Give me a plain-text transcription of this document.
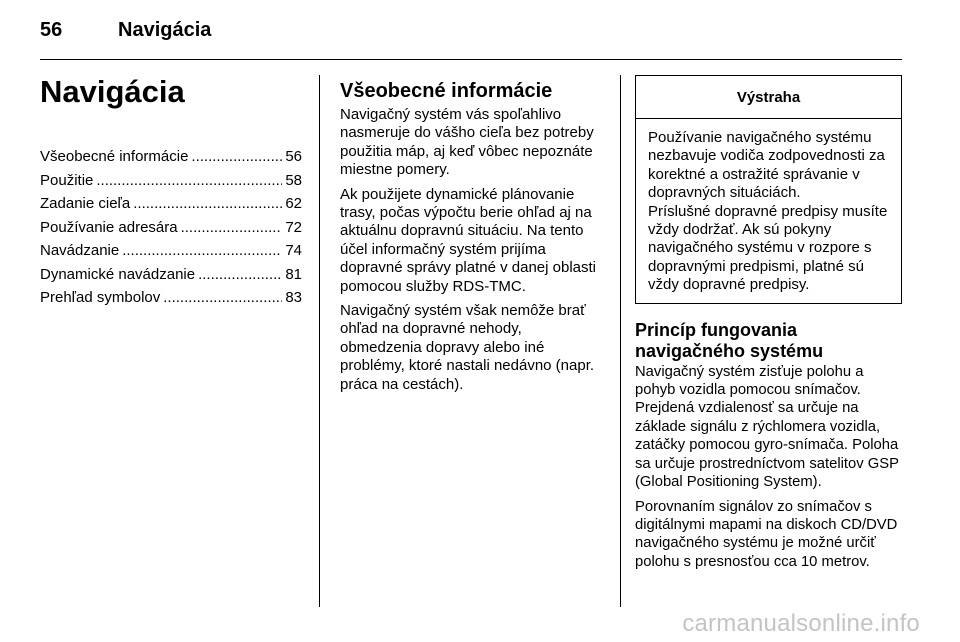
56	Navigácia
Navigácia
Všeobecné informácie .....	56
Použitie .....	58
Zadanie cieľa .....	62
Používanie adresára .....	72
Navádzanie .....	74
Dynamické navádzanie .....	81
Prehľad symbolov .....	83
Všeobecné informácie

Navigačný systém vás spoľahlivo nasmeruje do vášho cieľa bez potreby použitia máp, aj keď vôbec nepoznáte miestne pomery.

Ak použijete dynamické plánovanie trasy, počas výpočtu berie ohľad aj na aktuálnu dopravnú situáciu. Na tento účel informačný systém prijíma dopravné správy platné v danej oblasti pomocou služby RDS-TMC.

Navigačný systém však nemôže brať ohľad na dopravné nehody, obmedzenia dopravy alebo iné problémy, ktoré nastali nedávno (napr. práca na cestách).

Výstraha

Používanie navigačného systému nezbavuje vodiča zodpovednosti za korektné a ostražité správanie v dopravných situáciách.

Príslušné dopravné predpisy musíte vždy dodržať. Ak sú pokyny navigačného systému v rozpore s dopravnými predpismi, platné sú vždy dopravné predpisy.

Princíp fungovania navigačného systému

Navigačný systém zisťuje polohu a pohyb vozidla pomocou snímačov. Prejdená vzdialenosť sa určuje na základe signálu z rýchlomera vozidla, zatáčky pomocou gyro-snímača. Poloha sa určuje prostredníctvom satelitov GSP (Global Positioning System).

Porovnaním signálov zo snímačov s digitálnymi mapami na diskoch CD/DVD navigačného systému je možné určiť polohu s presnosťou cca 10 metrov.

carmanualsonline.info
